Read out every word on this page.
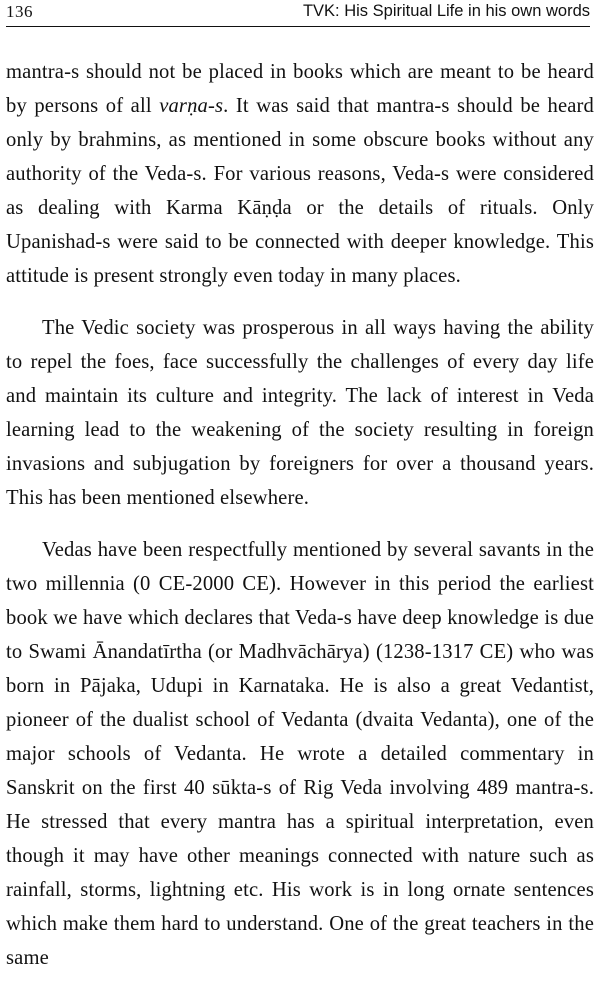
136	TVK: His Spiritual Life in his own words

mantra-s should not be placed in books which are meant to be heard by persons of all varṇa-s. It was said that mantra-s should be heard only by brahmins, as mentioned in some obscure books without any authority of the Veda-s. For various reasons, Veda-s were considered as dealing with Karma Kāṇḍa or the details of rituals. Only Upanishad-s were said to be connected with deeper knowledge. This attitude is present strongly even today in many places.

The Vedic society was prosperous in all ways having the ability to repel the foes, face successfully the challenges of every day life and maintain its culture and integrity. The lack of interest in Veda learning lead to the weakening of the society resulting in foreign invasions and subjugation by foreigners for over a thousand years. This has been mentioned elsewhere.

Vedas have been respectfully mentioned by several savants in the two millennia (0 CE-2000 CE). However in this period the earliest book we have which declares that Veda-s have deep knowledge is due to Swami Ānandatīrtha (or Madhvāchārya) (1238-1317 CE) who was born in Pājaka, Udupi in Karnataka. He is also a great Vedantist, pioneer of the dualist school of Vedanta (dvaita Vedanta), one of the major schools of Vedanta. He wrote a detailed commentary in Sanskrit on the first 40 sūkta-s of Rig Veda involving 489 mantra-s. He stressed that every mantra has a spiritual interpretation, even though it may have other meanings connected with nature such as rainfall, storms, lightning etc. His work is in long ornate sentences which make them hard to understand. One of the great teachers in the same
